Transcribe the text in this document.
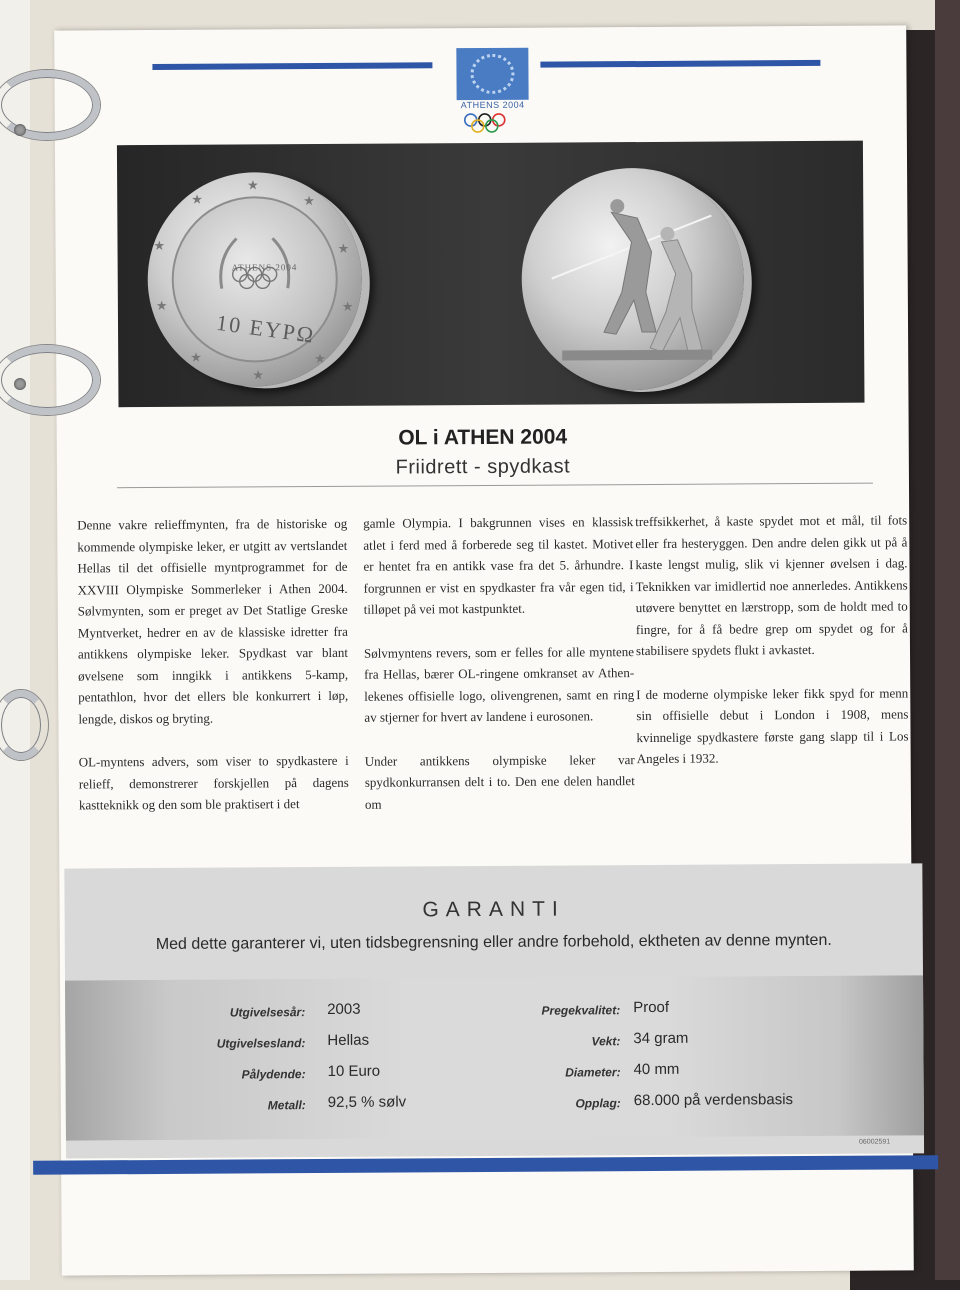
ATHENS 2004
ATHENS 2004
10 ΕΥΡΩ
★
★
★
★
★
★
★
★
★
★
OL i ATHEN 2004
Friidrett - spydkast

Denne vakre relieffmynten, fra de historiske og kommende olympiske leker, er utgitt av vertslandet Hellas til det offisielle myntprogrammet for de XXVIII Olympiske Sommerleker i Athen 2004. Sølvmynten, som er preget av Det Statlige Greske Myntverket, hedrer en av de klassiske idretter fra antikkens olympiske leker. Spydkast var blant øvelsene som inngikk i antikkens 5-kamp, pentathlon, hvor det ellers ble konkurrert i løp, lengde, diskos og bryting.

OL-myntens advers, som viser to spydkastere i relieff, demonstrerer forskjellen på dagens kastteknikk og den som ble praktisert i det

gamle Olympia. I bakgrunnen vises en klassisk atlet i ferd med å forberede seg til kastet. Motivet er hentet fra en antikk vase fra det 5. århundre. I forgrunnen er vist en spydkaster fra vår egen tid, i tilløpet på vei mot kastpunktet.

Sølvmyntens revers, som er felles for alle myntene fra Hellas, bærer OL-ringene omkranset av Athen-lekenes offisielle logo, olivengrenen, samt en ring av stjerner for hvert av landene i eurosonen.

Under antikkens olympiske leker var spydkonkurransen delt i to. Den ene delen handlet om

treffsikkerhet, å kaste spydet mot et mål, til fots eller fra hesteryggen. Den andre delen gikk ut på å kaste lengst mulig, slik vi kjenner øvelsen i dag. Teknikken var imidlertid noe annerledes. Antikkens utøvere benyttet en lærstropp, som de holdt med to fingre, for å få bedre grep om spydet og for å stabilisere spydets flukt i avkastet.

I de moderne olympiske leker fikk spyd for menn sin offisielle debut i London i 1908, mens kvinnelige spydkastere første gang slapp til i Los Angeles i 1932.

GARANTI
Med dette garanterer vi, uten tidsbegrensning eller andre forbehold, ektheten av denne mynten.
Utgivelsesår: 2003
Utgivelsesland: Hellas
Pålydende: 10 Euro
Metall: 92,5 % sølv
Pregekvalitet: Proof
Vekt: 34 gram
Diameter: 40 mm
Opplag: 68.000 på verdensbasis
06002591
